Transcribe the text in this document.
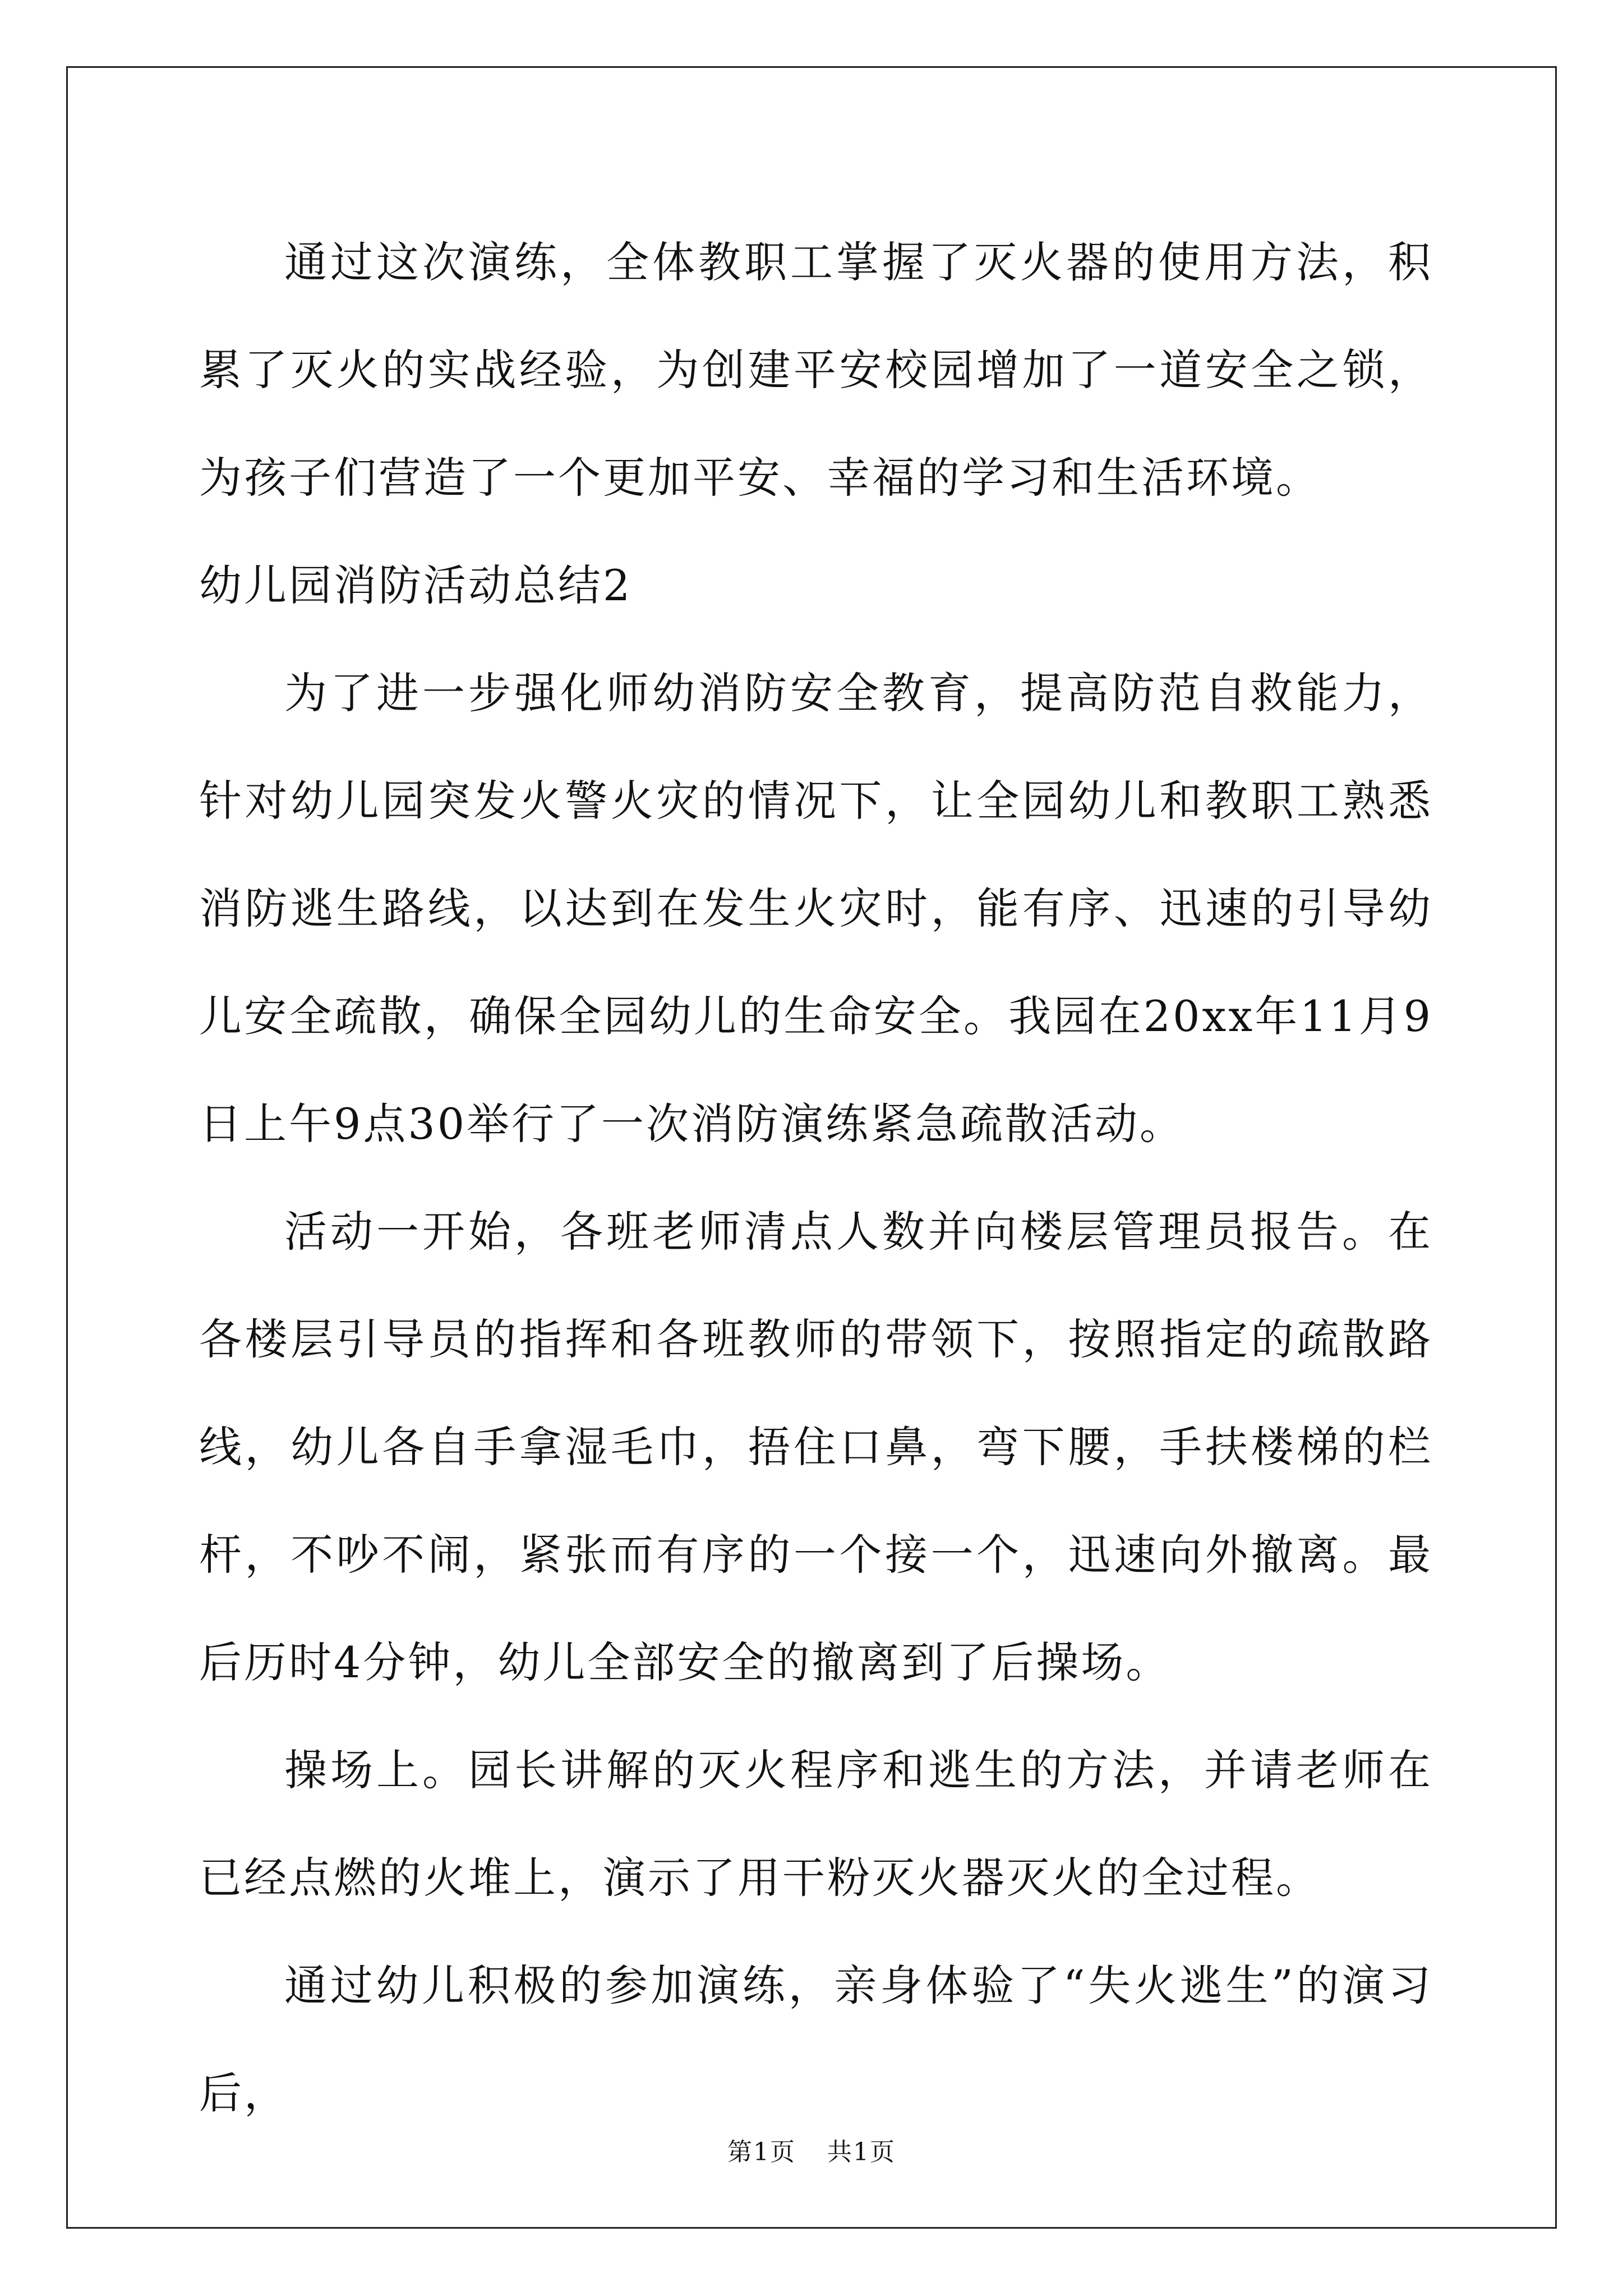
通过这次演练，全体教职工掌握了灭火器的使用方法，积累了灭火的实战经验，为创建平安校园增加了一道安全之锁，为孩子们营造了一个更加平安、幸福的学习和生活环境。

幼儿园消防活动总结2

为了进一步强化师幼消防安全教育，提高防范自救能力，针对幼儿园突发火警火灾的情况下，让全园幼儿和教职工熟悉消防逃生路线，以达到在发生火灾时，能有序、迅速的引导幼儿安全疏散，确保全园幼儿的生命安全。我园在20xx年11月9日上午9点30举行了一次消防演练紧急疏散活动。

活动一开始，各班老师清点人数并向楼层管理员报告。在各楼层引导员的指挥和各班教师的带领下，按照指定的疏散路线，幼儿各自手拿湿毛巾，捂住口鼻，弯下腰，手扶楼梯的栏杆，不吵不闹，紧张而有序的一个接一个，迅速向外撤离。最后历时4分钟，幼儿全部安全的撤离到了后操场。

操场上。园长讲解的灭火程序和逃生的方法，并请老师在已经点燃的火堆上，演示了用干粉灭火器灭火的全过程。

通过幼儿积极的参加演练，亲身体验了“失火逃生”的演习后，

第1页 共1页
